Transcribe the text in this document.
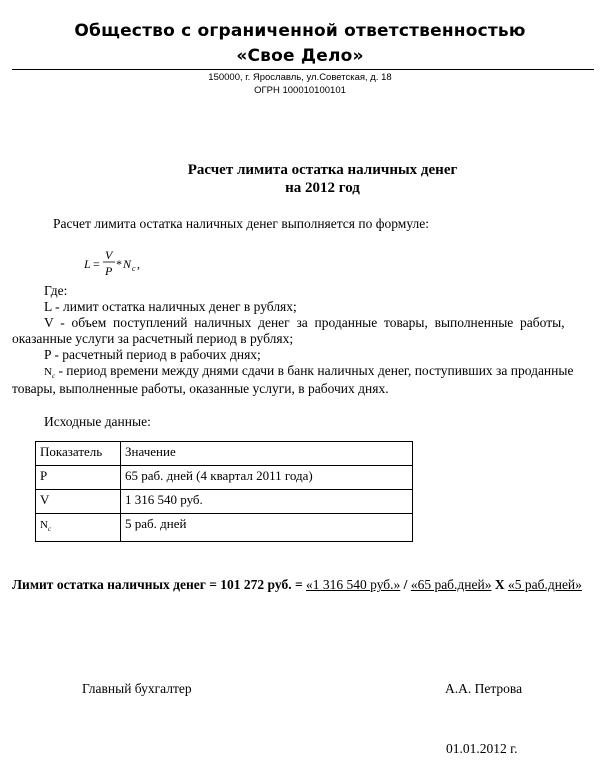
Общество с ограниченной ответственностью
«Свое Дело»
150000, г. Ярославль, ул.Советская, д. 18
ОГРН 100010100101
Расчет лимита остатка наличных денег
на 2012 год
Расчет лимита остатка наличных денег выполняется по формуле:
L =
V
P * N c ,
Где:
L - лимит остатка наличных денег в рублях;
V  -  объем  поступлений  наличных  денег  за  проданные  товары,  выполненные  работы,
оказанные услуги за расчетный период в рублях;
P - расчетный период в рабочих днях;
$N_c$ - период времени между днями сдачи в банк наличных денег, поступивших за проданные
товары, выполненные работы, оказанные услуги, в рабочих днях.
Исходные данные:
Показатель	Значение
P	65 раб. дней (4 квартал 2011 года)
V	1 316 540 руб.
$N_c$	5 раб. дней
Лимит остатка наличных денег = 101 272 руб. = «1 316 540 руб.» / «65 раб.дней» X «5 раб.дней»
Главный бухгалтер	А.А. Петрова
01.01.2012 г.
